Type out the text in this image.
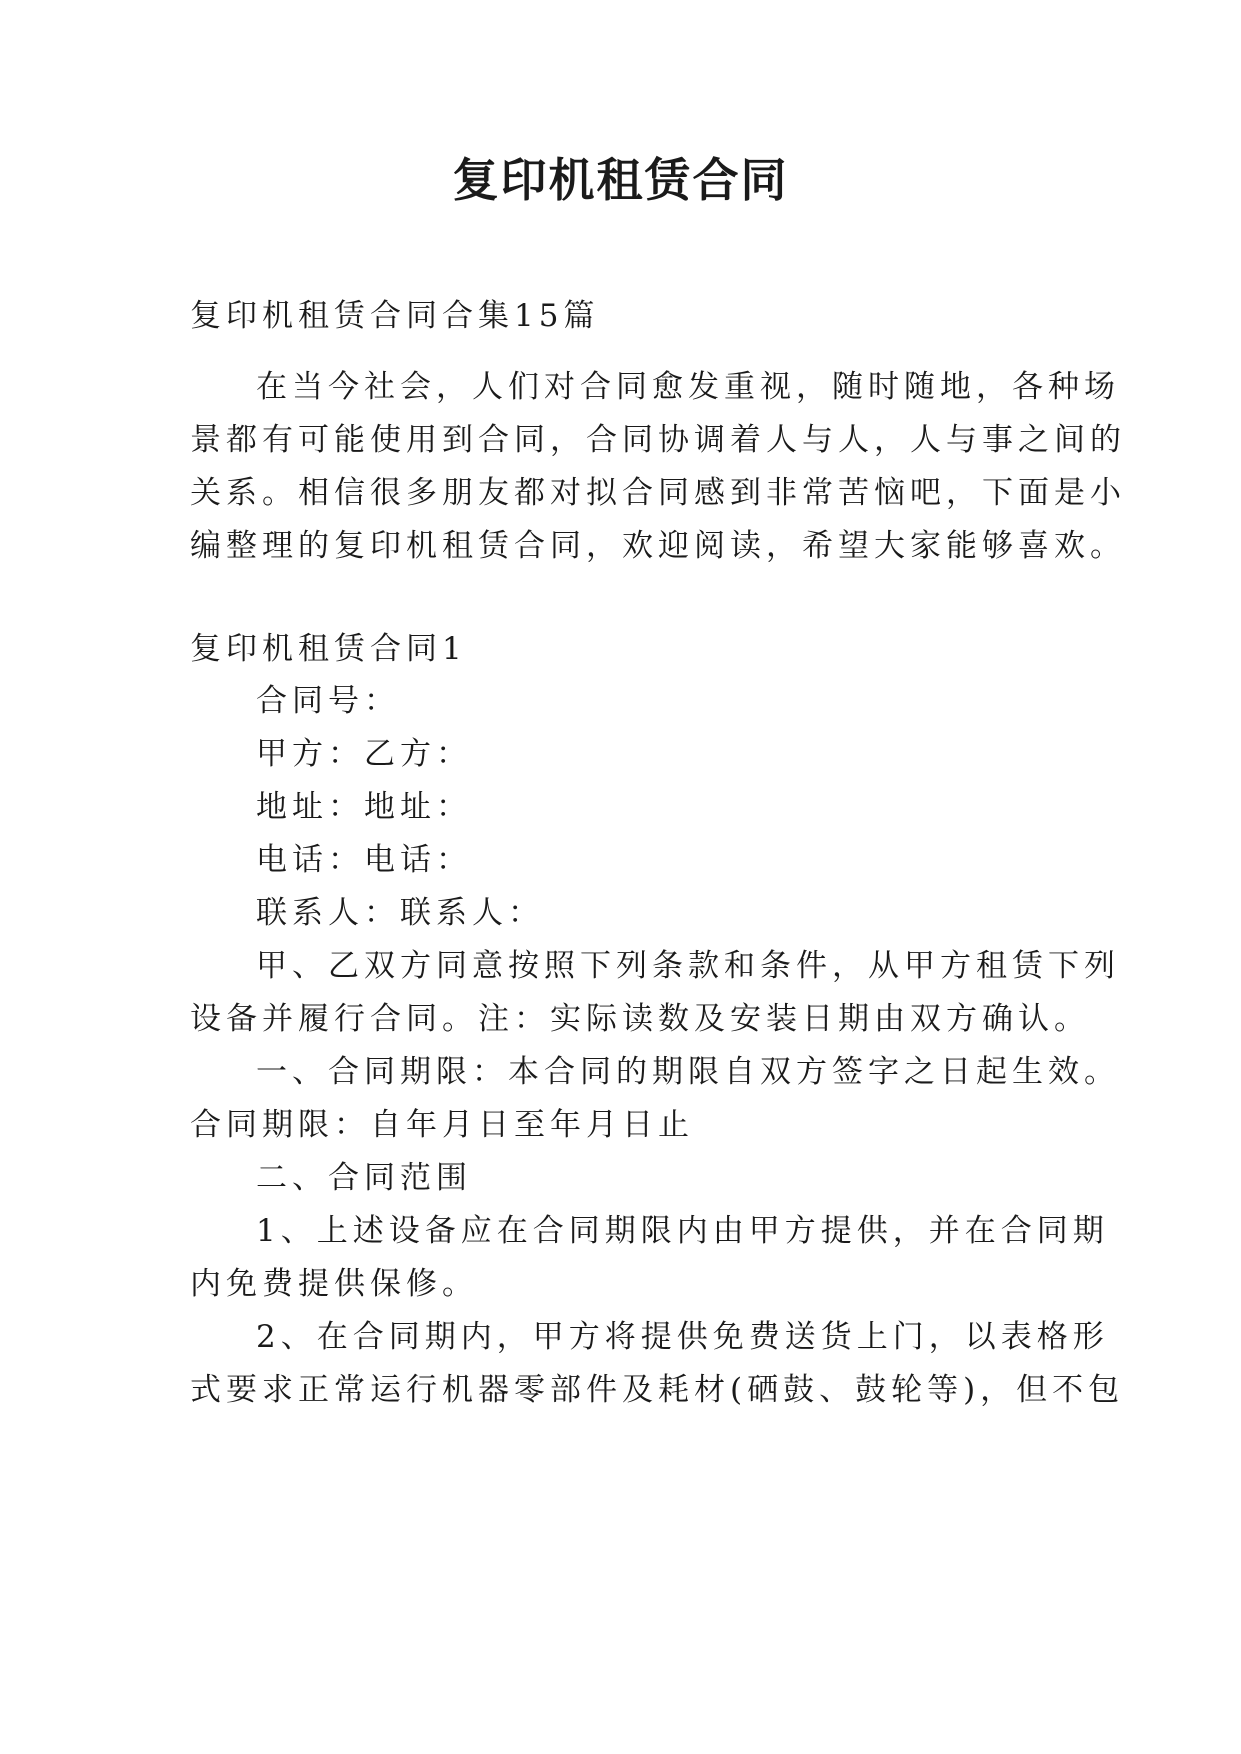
复印机租赁合同
复印机租赁合同合集15篇
在当今社会，人们对合同愈发重视，随时随地，各种场
景都有可能使用到合同，合同协调着人与人，人与事之间的
关系。相信很多朋友都对拟合同感到非常苦恼吧，下面是小
编整理的复印机租赁合同，欢迎阅读，希望大家能够喜欢。
复印机租赁合同1
合同号：
甲方：乙方：
地址：地址：
电话：电话：
联系人：联系人：
甲、乙双方同意按照下列条款和条件，从甲方租赁下列
设备并履行合同。注：实际读数及安装日期由双方确认。
一、合同期限：本合同的期限自双方签字之日起生效。
合同期限：自年月日至年月日止
二、合同范围
1、上述设备应在合同期限内由甲方提供，并在合同期
内免费提供保修。
2、在合同期内，甲方将提供免费送货上门，以表格形
式要求正常运行机器零部件及耗材(硒鼓、鼓轮等)，但不包
